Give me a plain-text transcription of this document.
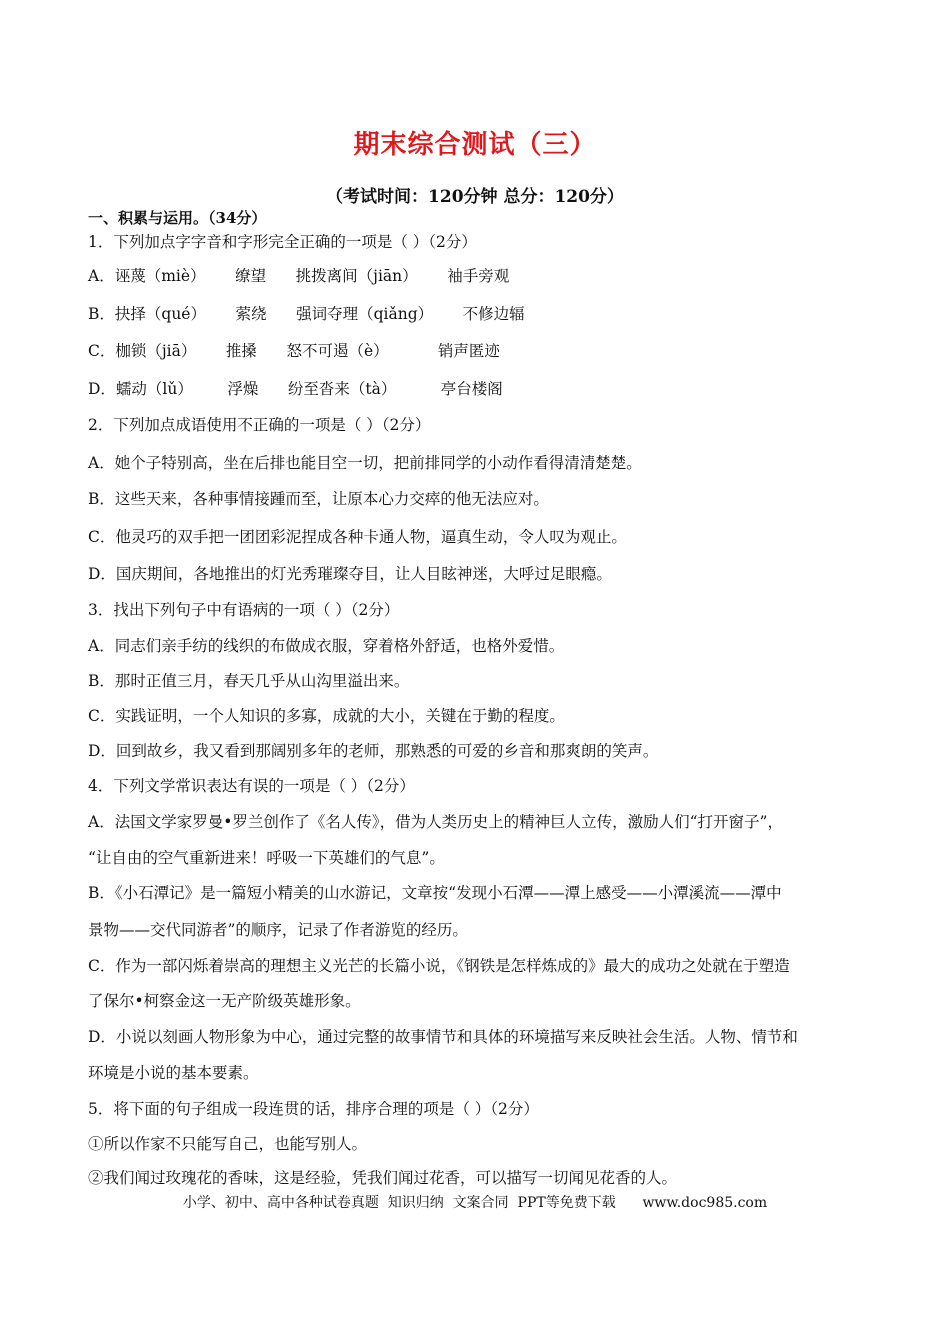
期末综合测试（三）
（考试时间：120分钟 总分：120分）
一、积累与运用。（34分）
1．下列加点字字音和字形完全正确的一项是（ ）（2分）
A．诬蔑（miè）      缭望      挑拨离间（jiān）      袖手旁观
B．抉择（qué）      萦绕      强词夺理（qiǎng）      不修边辐
C．枷锁（jiā）      推搡      怒不可遏（è）          销声匿迹
D．蠕动（lǔ）       浮燥      纷至沓来（tà）         亭台楼阁
2．下列加点成语使用不正确的一项是（ ）（2分）
A．她个子特别高，坐在后排也能目空一切，把前排同学的小动作看得清清楚楚。
B．这些天来，各种事情接踵而至，让原本心力交瘁的他无法应对。
C．他灵巧的双手把一团团彩泥捏成各种卡通人物，逼真生动，令人叹为观止。
D．国庆期间，各地推出的灯光秀璀璨夺目，让人目眩神迷，大呼过足眼瘾。
3．找出下列句子中有语病的一项（ ）（2分）
A．同志们亲手纺的线织的布做成衣服，穿着格外舒适，也格外爱惜。
B．那时正值三月，春天几乎从山沟里溢出来。
C．实践证明，一个人知识的多寡，成就的大小，关键在于勤的程度。
D．回到故乡，我又看到那阔别多年的老师，那熟悉的可爱的乡音和那爽朗的笑声。
4．下列文学常识表达有误的一项是（ ）（2分）
A．法国文学家罗曼•罗兰创作了《名人传》，借为人类历史上的精神巨人立传，激励人们“打开窗子”，
“让自由的空气重新进来！呼吸一下英雄们的气息”。
B．《小石潭记》是一篇短小精美的山水游记，文章按“发现小石潭——潭上感受——小潭溪流——潭中
景物——交代同游者”的顺序，记录了作者游览的经历。
C．作为一部闪烁着崇高的理想主义光芒的长篇小说，《钢铁是怎样炼成的》最大的成功之处就在于塑造
了保尔•柯察金这一无产阶级英雄形象。
D．小说以刻画人物形象为中心，通过完整的故事情节和具体的环境描写来反映社会生活。人物、情节和
环境是小说的基本要素。
5．将下面的句子组成一段连贯的话，排序合理的项是（ ）（2分）
①所以作家不只能写自己，也能写别人。
②我们闻过玫瑰花的香味，这是经验，凭我们闻过花香，可以描写一切闻见花香的人。
小学、初中、高中各种试卷真题  知识归纳  文案合同  PPT等免费下载      www.doc985.com
